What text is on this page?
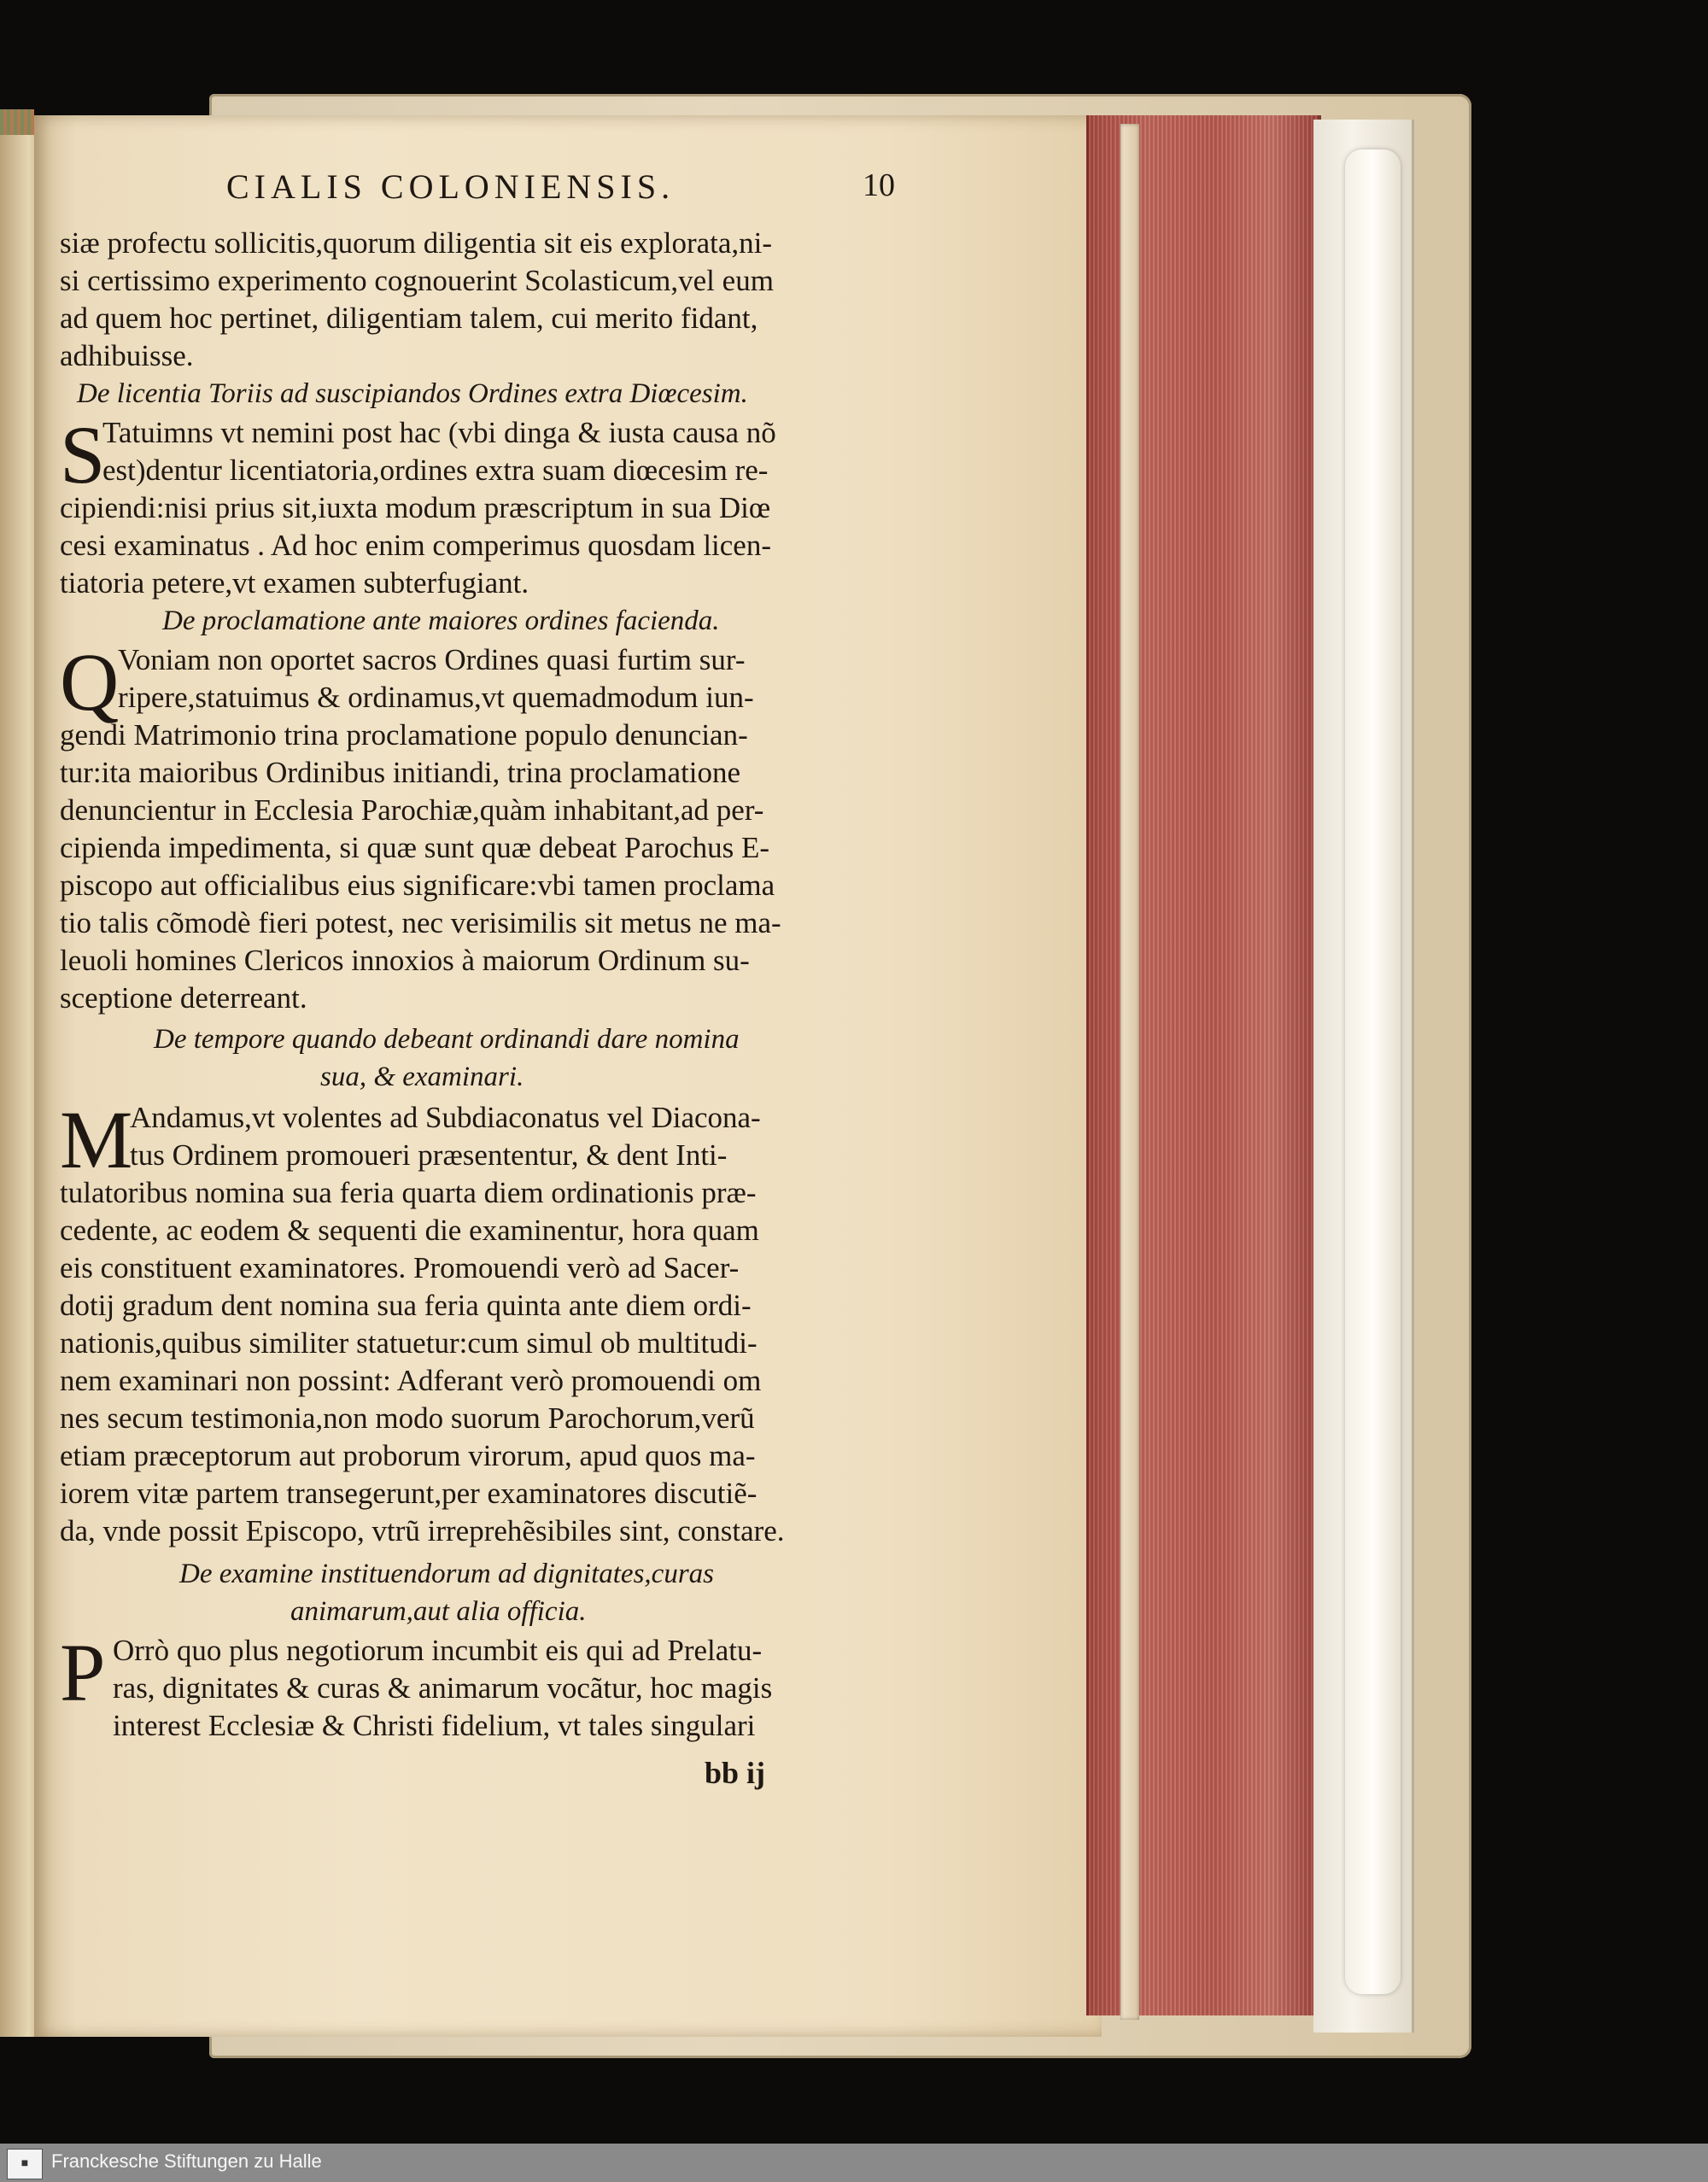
CIALIS COLONIENSIS.	10
siæ profectu sollicitis,quorum diligentia sit eis explorata,ni-
si certissimo experimento cognouerint Scolasticum,vel eum
ad quem hoc pertinet, diligentiam talem, cui merito fidant,
adhibuisse.
De licentia Toriis ad suscipiandos Ordines extra Diœcesim.
S
Tatuimns vt nemini post hac (vbi dinga & iusta causa nõ
est)dentur licentiatoria,ordines extra suam diœcesim re-
cipiendi:nisi prius sit,iuxta modum præscriptum in sua Diœ
cesi examinatus . Ad hoc enim comperimus quosdam licen-
tiatoria petere,vt examen subterfugiant.
De proclamatione ante maiores ordines facienda.
Q
Voniam non oportet sacros Ordines quasi furtim sur-
ripere,statuimus & ordinamus,vt quemadmodum iun-
gendi Matrimonio trina proclamatione populo denuncian-
tur:ita maioribus Ordinibus initiandi, trina proclamatione
denuncientur in Ecclesia Parochiæ,quàm inhabitant,ad per-
cipienda impedimenta, si quæ sunt quæ debeat Parochus E-
piscopo aut officialibus eius significare:vbi tamen proclama
tio talis cõmodè fieri potest, nec verisimilis sit metus ne ma-
leuoli homines Clericos innoxios à maiorum Ordinum su-
sceptione deterreant.
De tempore quando debeant ordinandi dare nomina
sua, & examinari.
M
Andamus,vt volentes ad Subdiaconatus vel Diacona-
tus Ordinem promoueri præsententur, & dent Inti-
tulatoribus nomina sua feria quarta diem ordinationis præ-
cedente, ac eodem & sequenti die examinentur, hora quam
eis constituent examinatores. Promouendi verò ad Sacer-
dotij gradum dent nomina sua feria quinta ante diem ordi-
nationis,quibus similiter statuetur:cum simul ob multitudi-
nem examinari non possint: Adferant verò promouendi om
nes secum testimonia,non modo suorum Parochorum,verũ
etiam præceptorum aut proborum virorum, apud quos ma-
iorem vitæ partem transegerunt,per examinatores discutiẽ-
da, vnde possit Episcopo, vtrũ irreprehẽsibiles sint, constare.
De examine instituendorum ad dignitates,curas
animarum,aut alia officia.
P Orrò quo plus negotiorum incumbit eis qui ad Prelatu-
ras, dignitates & curas & animarum vocãtur, hoc magis
interest Ecclesiæ & Christi fidelium, vt tales singulari
bb ij
■	Franckesche Stiftungen zu Halle
